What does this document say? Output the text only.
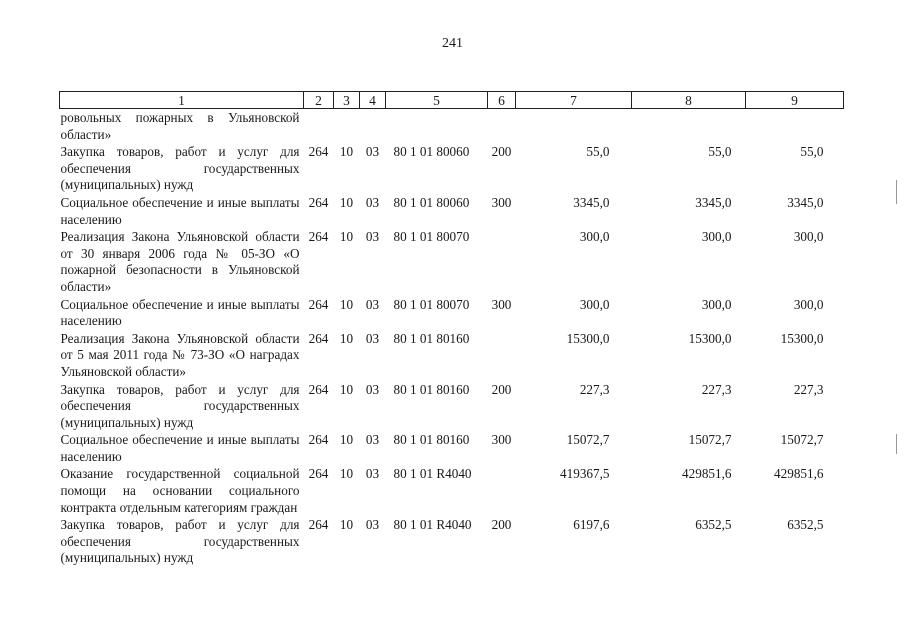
241
1	2	3	4	5	6	7	8	9
ровольных пожарных в Ульяновской области»								
Закупка товаров, работ и услуг для обеспечения государственных (муниципальных) нужд	264	10	03	80 1 01 80060	200	55,0	55,0	55,0
Социальное обеспечение и иные выплаты населению	264	10	03	80 1 01 80060	300	3345,0	3345,0	3345,0
Реализация Закона Ульяновской области от 30 января 2006 года № 05-ЗО «О пожарной безопасности в Ульяновской области»	264	10	03	80 1 01 80070		300,0	300,0	300,0
Социальное обеспечение и иные выплаты населению	264	10	03	80 1 01 80070	300	300,0	300,0	300,0
Реализация Закона Ульяновской области от 5 мая 2011 года № 73-ЗО «О наградах Ульяновской области»	264	10	03	80 1 01 80160		15300,0	15300,0	15300,0
Закупка товаров, работ и услуг для обеспечения государственных (муниципальных) нужд	264	10	03	80 1 01 80160	200	227,3	227,3	227,3
Социальное обеспечение и иные выплаты населению	264	10	03	80 1 01 80160	300	15072,7	15072,7	15072,7
Оказание государственной социальной помощи на основании социального контракта отдельным категориям граждан	264	10	03	80 1 01 R4040		419367,5	429851,6	429851,6
Закупка товаров, работ и услуг для обеспечения государственных (муниципальных) нужд	264	10	03	80 1 01 R4040	200	6197,6	6352,5	6352,5
